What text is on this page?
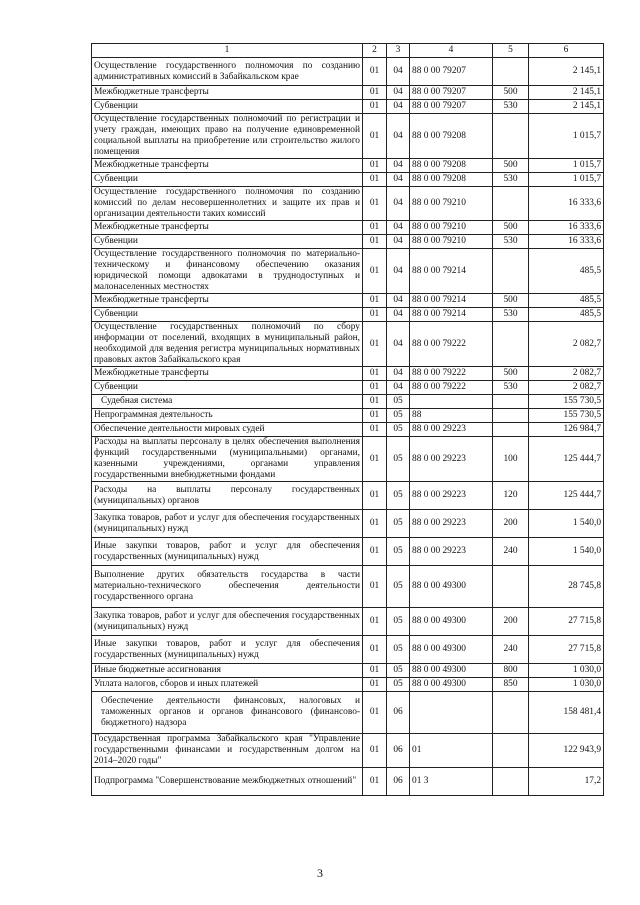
1	2	3	4	5	6
Осуществление государственного полномочия по созданию административных комиссий в Забайкальском крае	01	04	88 0 00 79207		2 145,1
Межбюджетные трансферты	01	04	88 0 00 79207	500	2 145,1
Субвенции	01	04	88 0 00 79207	530	2 145,1
Осуществление государственных полномочий по регистрации и учету граждан, имеющих право на получение единовременной социальной выплаты на приобретение или строительство жилого помещения	01	04	88 0 00 79208		1 015,7
Межбюджетные трансферты	01	04	88 0 00 79208	500	1 015,7
Субвенции	01	04	88 0 00 79208	530	1 015,7
Осуществление государственного полномочия по созданию комиссий по делам несовершеннолетних и защите их прав и организации деятельности таких комиссий	01	04	88 0 00 79210		16 333,6
Межбюджетные трансферты	01	04	88 0 00 79210	500	16 333,6
Субвенции	01	04	88 0 00 79210	530	16 333,6
Осуществление государственного полномочия по материально-техническому и финансовому обеспечению оказания юридической помощи адвокатами в труднодоступных и малонаселенных местностях	01	04	88 0 00 79214		485,5
Межбюджетные трансферты	01	04	88 0 00 79214	500	485,5
Субвенции	01	04	88 0 00 79214	530	485,5
Осуществление государственных полномочий по сбору информации от поселений, входящих в муниципальный район, необходимой для ведения регистра муниципальных нормативных правовых актов Забайкальского края	01	04	88 0 00 79222		2 082,7
Межбюджетные трансферты	01	04	88 0 00 79222	500	2 082,7
Субвенции	01	04	88 0 00 79222	530	2 082,7
Судебная система	01	05			155 730,5
Непрограммная деятельность	01	05	88		155 730,5
Обеспечение деятельности мировых судей	01	05	88 0 00 29223		126 984,7
Расходы на выплаты персоналу в целях обеспечения выполнения функций государственными (муниципальными) органами, казенными учреждениями, органами управления государственными внебюджетными фондами	01	05	88 0 00 29223	100	125 444,7
Расходы на выплаты персоналу государственных (муниципальных) органов	01	05	88 0 00 29223	120	125 444,7
Закупка товаров, работ и услуг для обеспечения государственных (муниципальных) нужд	01	05	88 0 00 29223	200	1 540,0
Иные закупки товаров, работ и услуг для обеспечения государственных (муниципальных) нужд	01	05	88 0 00 29223	240	1 540,0
Выполнение других обязательств государства в части материально-технического обеспечения деятельности государственного органа	01	05	88 0 00 49300		28 745,8
Закупка товаров, работ и услуг для обеспечения государственных (муниципальных) нужд	01	05	88 0 00 49300	200	27 715,8
Иные закупки товаров, работ и услуг для обеспечения государственных (муниципальных) нужд	01	05	88 0 00 49300	240	27 715,8
Иные бюджетные ассигнования	01	05	88 0 00 49300	800	1 030,0
Уплата налогов, сборов и иных платежей	01	05	88 0 00 49300	850	1 030,0
Обеспечение деятельности финансовых, налоговых и таможенных органов и органов финансового (финансово-бюджетного) надзора	01	06			158 481,4
Государственная программа Забайкальского края "Управление государственными финансами и государственным долгом на 2014–2020 годы"	01	06	01		122 943,9
Подпрограмма "Совершенствование межбюджетных отношений"	01	06	01 3		17,2
3
